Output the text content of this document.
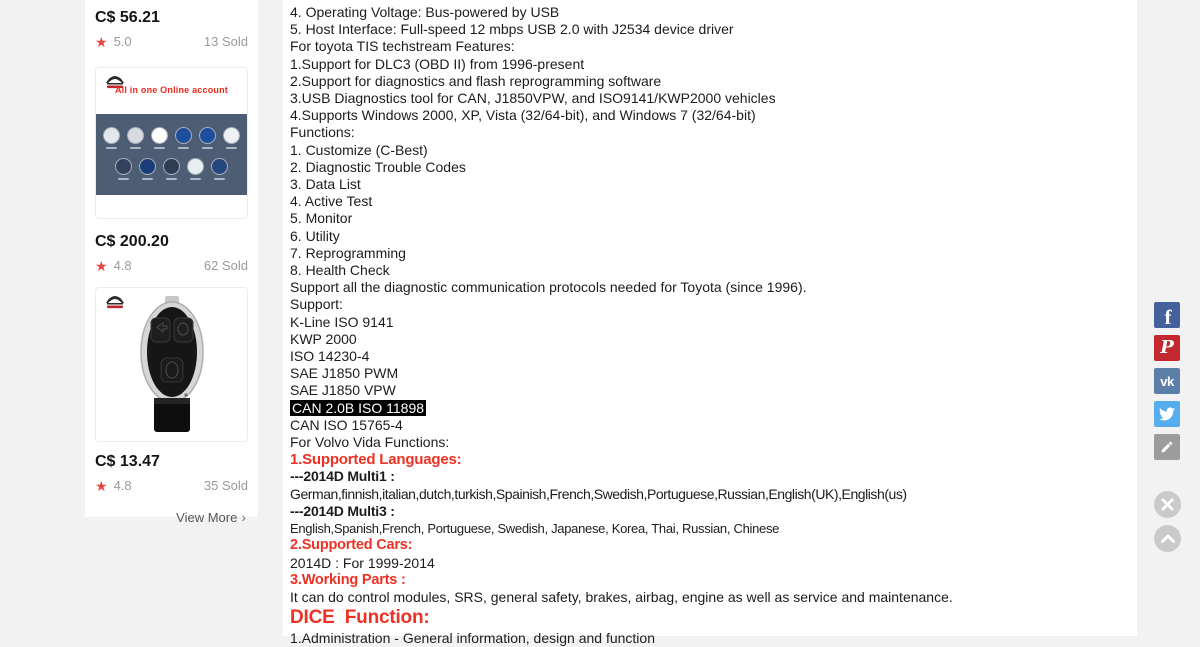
C$ 56.21
★ 5.0	13 Sold
All in one Online account
C$ 200.20
★ 4.8	62 Sold
C$ 13.47
★ 4.8	35 Sold
View More ›
4. Operating Voltage: Bus-powered by USB
5. Host Interface: Full-speed 12 mbps USB 2.0 with J2534 device driver
For toyota TIS techstream Features:
1.Support for DLC3 (OBD II) from 1996-present
2.Support for diagnostics and flash reprogramming software
3.USB Diagnostics tool for CAN, J1850VPW, and ISO9141/KWP2000 vehicles
4.Supports Windows 2000, XP, Vista (32/64-bit), and Windows 7 (32/64-bit)
Functions:
1. Customize (C-Best)
2. Diagnostic Trouble Codes
3. Data List
4. Active Test
5. Monitor
6. Utility
7. Reprogramming
8. Health Check
Support all the diagnostic communication protocols needed for Toyota (since 1996).
Support:
K-Line ISO 9141
KWP 2000
ISO 14230-4
SAE J1850 PWM
SAE J1850 VPW
CAN 2.0B ISO 11898
CAN ISO 15765-4
For Volvo Vida Functions:
1.Supported Languages:
---2014D Multi1 :
German,finnish,italian,dutch,turkish,Spainish,French,Swedish,Portuguese,Russian,English(UK),English(us)
---2014D Multi3 :
English,Spanish,French, Portuguese, Swedish, Japanese, Korea, Thai, Russian, Chinese
2.Supported Cars:
2014D : For 1999-2014
3.Working Parts :
It can do control modules, SRS, general safety, brakes, airbag, engine as well as service and maintenance.
DICE  Function:
1.Administration - General information, design and function
f
P
vk
